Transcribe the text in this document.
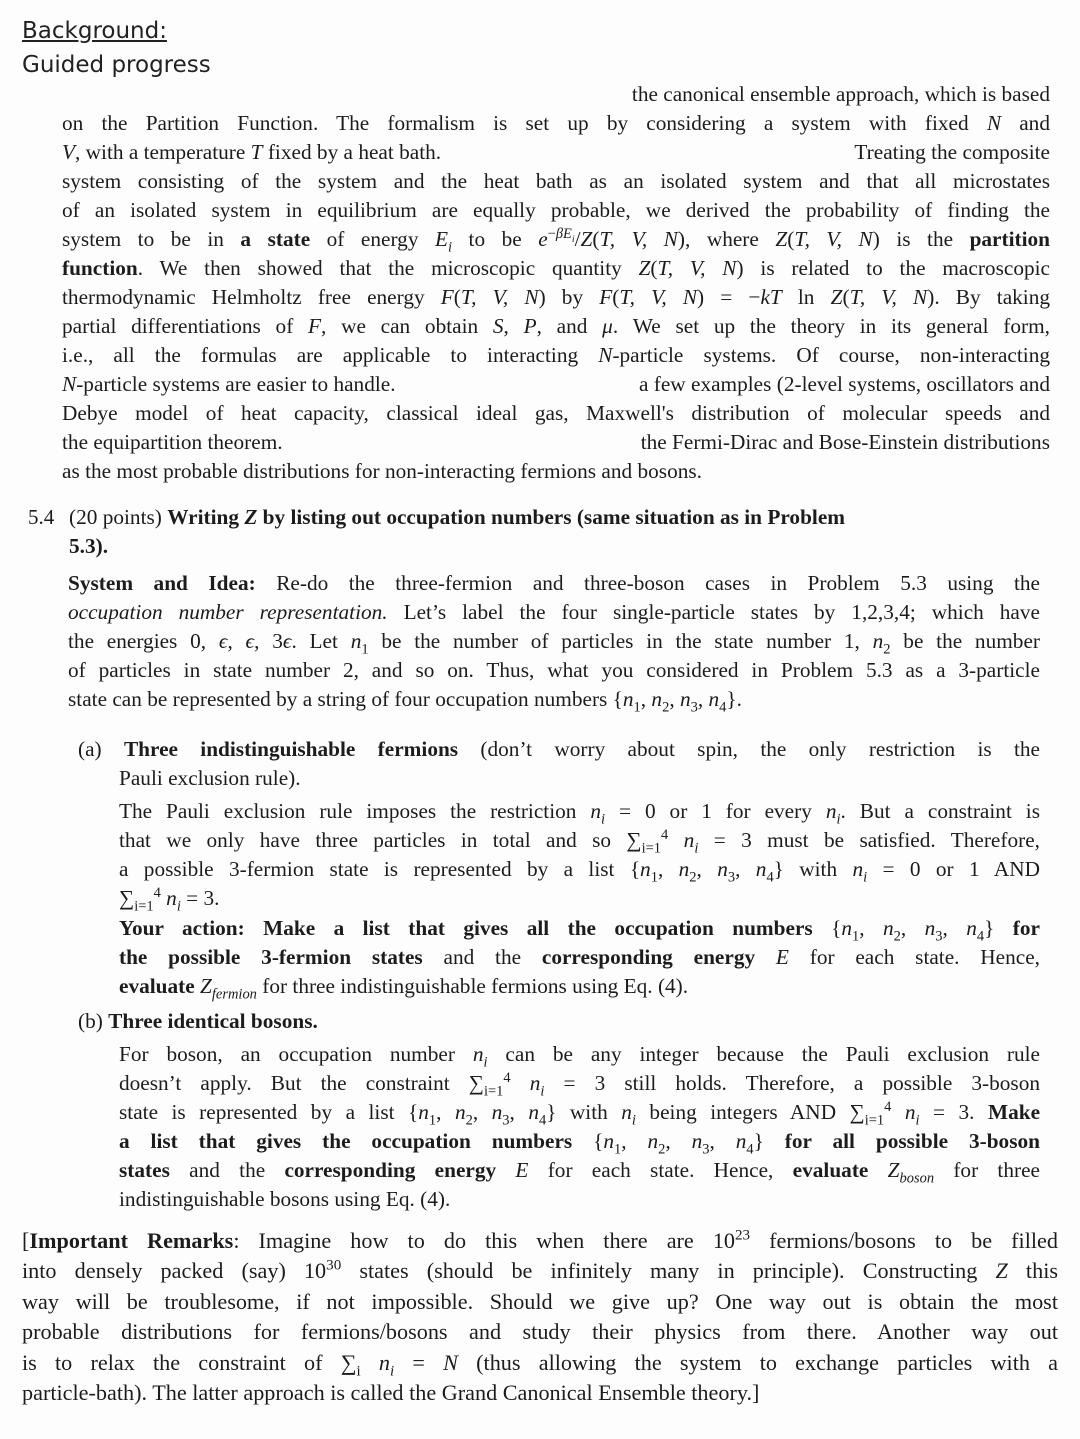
Background:
Guided progress
the canonical ensemble approach, which is based
on the Partition Function. The formalism is set up by considering a system with fixed N and
V, with a temperature T fixed by a heat bath.	Treating the composite
system consisting of the system and the heat bath as an isolated system and that all microstates
of an isolated system in equilibrium are equally probable, we derived the probability of finding the
system to be in a state of energy $E_i$ to be $e^{-\beta E_i}/Z(T$, V, N), where Z(T, V, N) is the partition
function. We then showed that the microscopic quantity Z(T, V, N) is related to the macroscopic
thermodynamic Helmholtz free energy F(T, V, N) by F(T, V, N) = −kT ln Z(T, V, N). By taking
partial differentiations of F, we can obtain S, P, and μ. We set up the theory in its general form,
i.e., all the formulas are applicable to interacting N-particle systems. Of course, non-interacting
N-particle systems are easier to handle.	a few examples (2-level systems, oscillators and
Debye model of heat capacity, classical ideal gas, Maxwell's distribution of molecular speeds and
the equipartition theorem.	the Fermi-Dirac and Bose-Einstein distributions
as the most probable distributions for non-interacting fermions and bosons.
5.4 (20 points) Writing Z by listing out occupation numbers (same situation as in Problem
5.3).
System and Idea: Re-do the three-fermion and three-boson cases in Problem 5.3 using the
occupation number representation. Let’s label the four single-particle states by 1,2,3,4; which have
the energies 0, ϵ, ϵ, 3ϵ. Let $n_1$ be the number of particles in the state number 1, $n_2$ be the number
of particles in state number 2, and so on. Thus, what you considered in Problem 5.3 as a 3-particle
state can be represented by a string of four occupation numbers {$n_1$, $n_2$, $n_3$, $n_4$}.
(a) Three indistinguishable fermions (don’t worry about spin, the only restriction is the
Pauli exclusion rule).
The Pauli exclusion rule imposes the restriction $n_i = 0$ or 1 for every $n_i$. But a constraint is
that we only have three particles in total and so $\sum_{i=1}^4$ $n_i = 3$ must be satisfied. Therefore,
a possible 3-fermion state is represented by a list {$n_1$, $n_2$, $n_3$, $n_4$} with $n_i = 0$ or 1 AND
$\sum_{i=1}^4$ $n_i = 3$.
Your action: Make a list that gives all the occupation numbers {$n_1$, $n_2$, $n_3$, $n_4$} for
the possible 3-fermion states and the corresponding energy E for each state. Hence,
evaluate $Z_{fermion}$ for three indistinguishable fermions using Eq. (4).
(b) Three identical bosons.
For boson, an occupation number $n_i$ can be any integer because the Pauli exclusion rule
doesn’t apply. But the constraint $\sum_{i=1}^4$ $n_i = 3$ still holds. Therefore, a possible 3-boson
state is represented by a list {$n_1$, $n_2$, $n_3$, $n_4$} with $n_i$ being integers AND $\sum_{i=1}^4$ $n_i = 3$. Make
a list that gives the occupation numbers {$n_1$, $n_2$, $n_3$, $n_4$} for all possible 3-boson
states and the corresponding energy E for each state. Hence, evaluate $Z_{boson}$ for three
indistinguishable bosons using Eq. (4).
[Important Remarks: Imagine how to do this when there are $10^{23}$ fermions/bosons to be filled
into densely packed (say) $10^{30}$ states (should be infinitely many in principle). Constructing Z this
way will be troublesome, if not impossible. Should we give up? One way out is obtain the most
probable distributions for fermions/bosons and study their physics from there. Another way out
is to relax the constraint of $\sum_i$ $n_i = N$ (thus allowing the system to exchange particles with a
particle-bath). The latter approach is called the Grand Canonical Ensemble theory.]
